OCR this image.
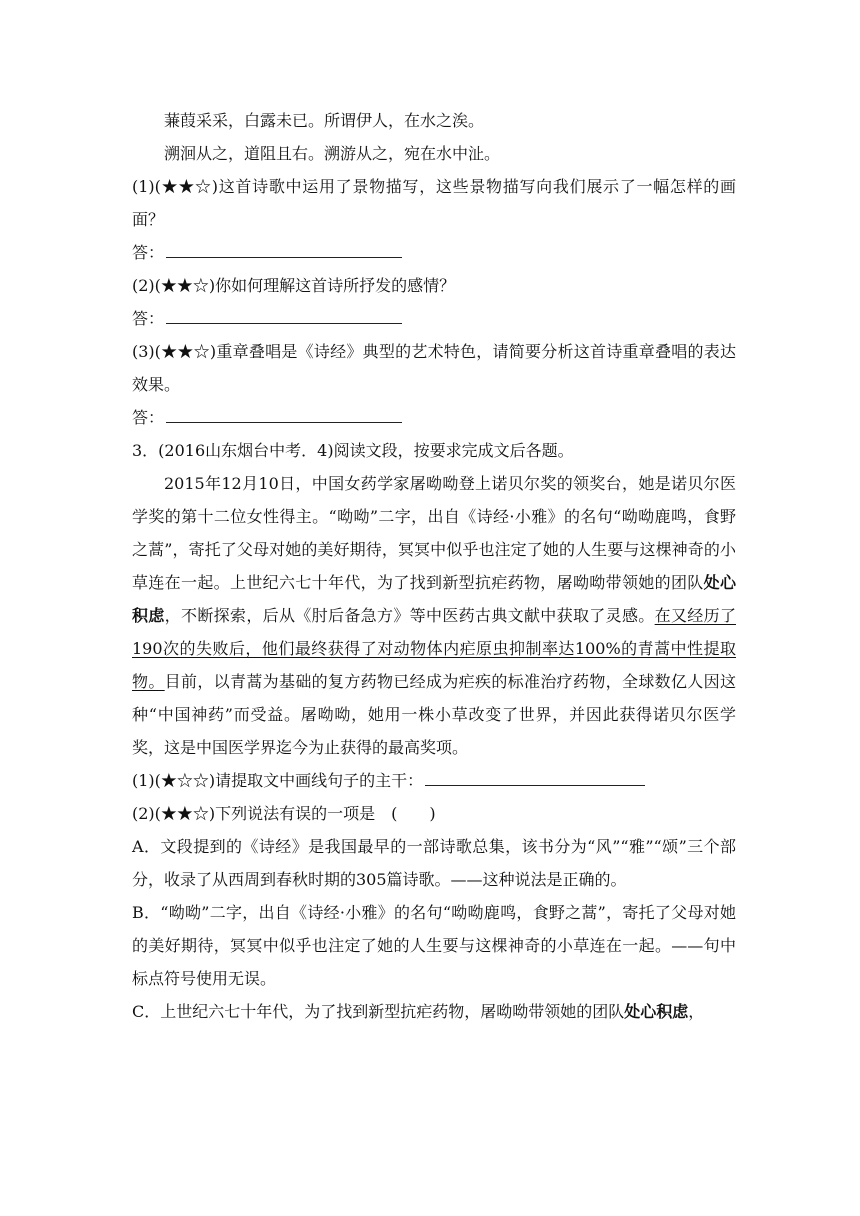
蒹葭采采，白露未已。所谓伊人，在水之涘。
溯洄从之，道阻且右。溯游从之，宛在水中沚。
(1)(★★☆)这首诗歌中运用了景物描写，这些景物描写向我们展示了一幅怎样的画面？
答：
(2)(★★☆)你如何理解这首诗所抒发的感情？
答：
(3)(★★☆)重章叠唱是《诗经》典型的艺术特色，请简要分析这首诗重章叠唱的表达效果。
答：
3．(2016山东烟台中考．4)阅读文段，按要求完成文后各题。
2015年12月10日，中国女药学家屠呦呦登上诺贝尔奖的领奖台，她是诺贝尔医学奖的第十二位女性得主。“呦呦”二字，出自《诗经·小雅》的名句“呦呦鹿鸣，食野之蒿”，寄托了父母对她的美好期待，冥冥中似乎也注定了她的人生要与这棵神奇的小草连在一起。上世纪六七十年代，为了找到新型抗疟药物，屠呦呦带领她的团队处心积虑，不断探索，后从《肘后备急方》等中医药古典文献中获取了灵感。在又经历了190次的失败后，他们最终获得了对动物体内疟原虫抑制率达100%的青蒿中性提取物。目前，以青蒿为基础的复方药物已经成为疟疾的标准治疗药物，全球数亿人因这种“中国神药”而受益。屠呦呦，她用一株小草改变了世界，并因此获得诺贝尔医学奖，这是中国医学界迄今为止获得的最高奖项。
(1)(★☆☆)请提取文中画线句子的主干：
(2)(★★☆)下列说法有误的一项是　(　　)
A．文段提到的《诗经》是我国最早的一部诗歌总集，该书分为“风”“雅”“颂”三个部分，收录了从西周到春秋时期的305篇诗歌。——这种说法是正确的。
B．“呦呦”二字，出自《诗经·小雅》的名句“呦呦鹿鸣，食野之蒿”，寄托了父母对她的美好期待，冥冥中似乎也注定了她的人生要与这棵神奇的小草连在一起。——句中标点符号使用无误。
C．上世纪六七十年代，为了找到新型抗疟药物，屠呦呦带领她的团队处心积虑，
